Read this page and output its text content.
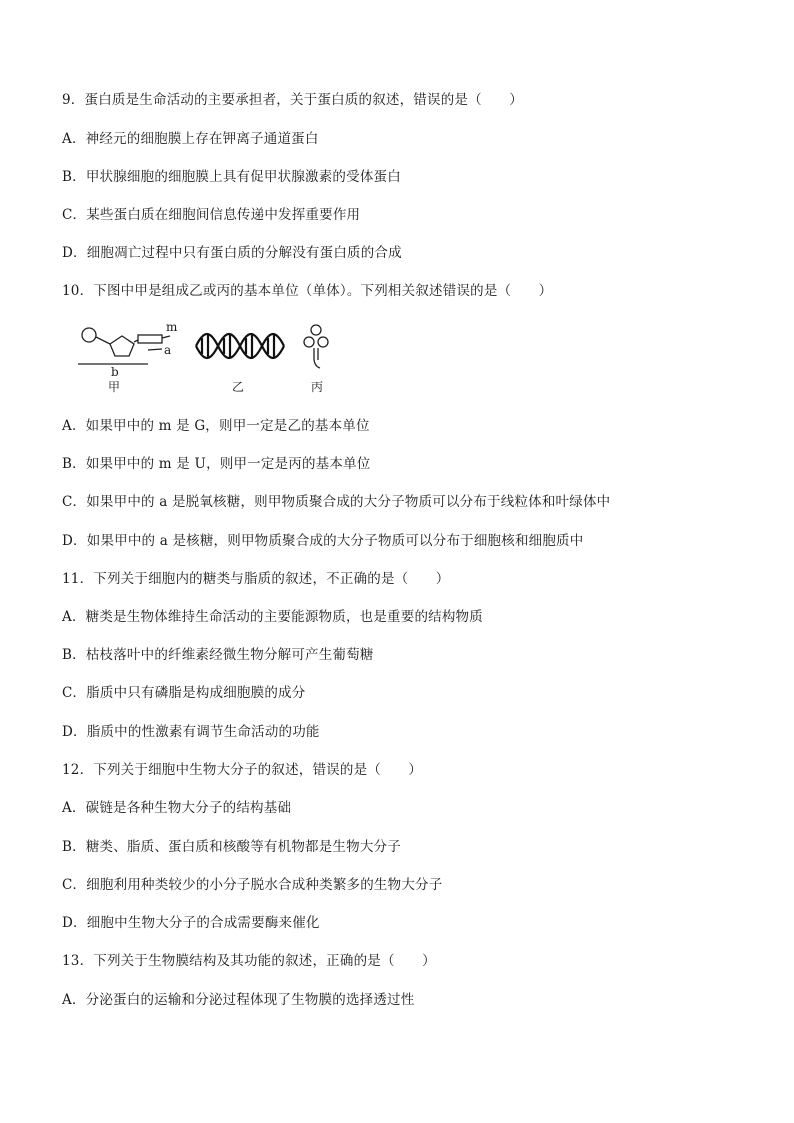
9．蛋白质是生命活动的主要承担者，关于蛋白质的叙述，错误的是（　　）
A．神经元的细胞膜上存在钾离子通道蛋白
B．甲状腺细胞的细胞膜上具有促甲状腺激素的受体蛋白
C．某些蛋白质在细胞间信息传递中发挥重要作用
D．细胞凋亡过程中只有蛋白质的分解没有蛋白质的合成
10．下图中甲是组成乙或丙的基本单位（单体）。下列相关叙述错误的是（　　）
m
a
b
甲	乙	丙
A．如果甲中的 m 是 G，则甲一定是乙的基本单位
B．如果甲中的 m 是 U，则甲一定是丙的基本单位
C．如果甲中的 a 是脱氧核糖，则甲物质聚合成的大分子物质可以分布于线粒体和叶绿体中
D．如果甲中的 a 是核糖，则甲物质聚合成的大分子物质可以分布于细胞核和细胞质中
11．下列关于细胞内的糖类与脂质的叙述，不正确的是（　　）
A．糖类是生物体维持生命活动的主要能源物质，也是重要的结构物质
B．枯枝落叶中的纤维素经微生物分解可产生葡萄糖
C．脂质中只有磷脂是构成细胞膜的成分
D．脂质中的性激素有调节生命活动的功能
12．下列关于细胞中生物大分子的叙述，错误的是（　　）
A．碳链是各种生物大分子的结构基础
B．糖类、脂质、蛋白质和核酸等有机物都是生物大分子
C．细胞利用种类较少的小分子脱水合成种类繁多的生物大分子
D．细胞中生物大分子的合成需要酶来催化
13．下列关于生物膜结构及其功能的叙述，正确的是（　　）
A．分泌蛋白的运输和分泌过程体现了生物膜的选择透过性
